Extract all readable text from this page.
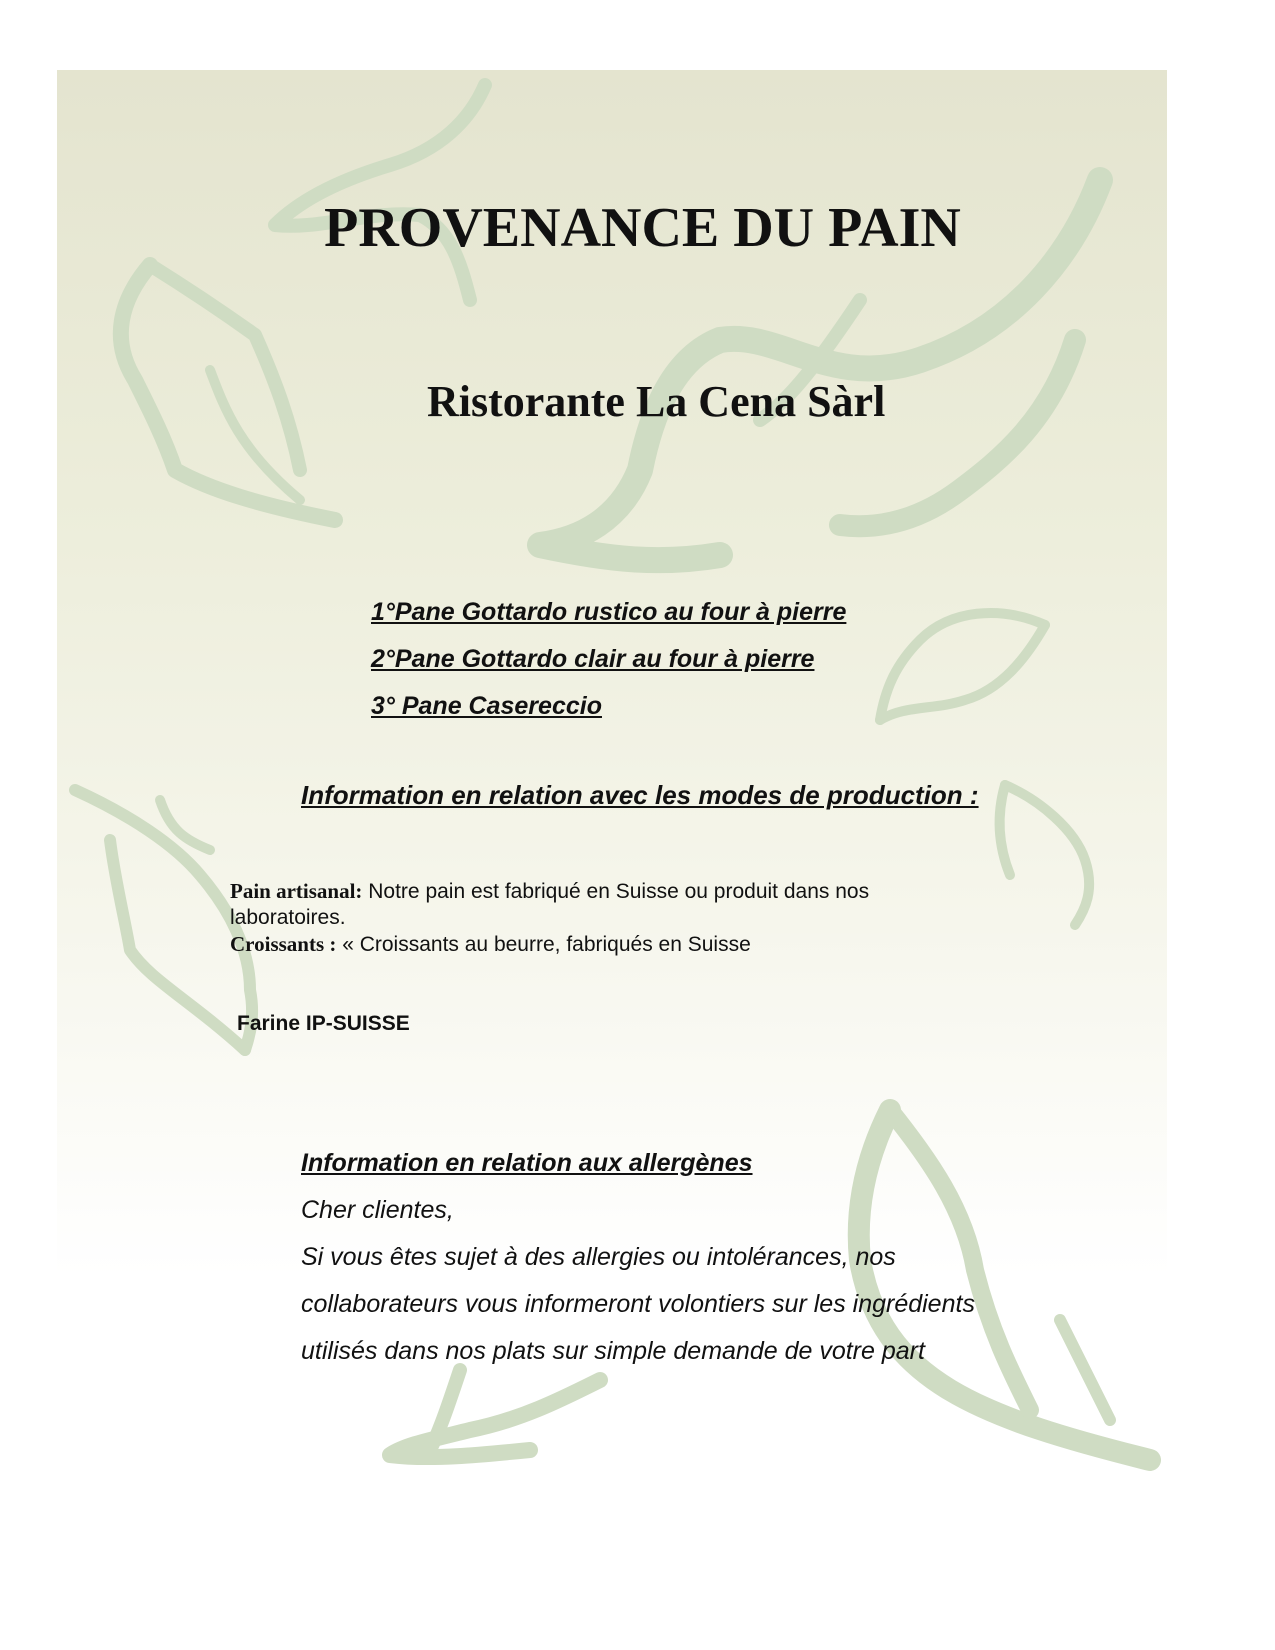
PROVENANCE DU PAIN
Ristorante La Cena Sàrl
1°Pane Gottardo rustico au four à pierre
2°Pane Gottardo clair au four à pierre
3° Pane Casereccio

Information en relation avec les modes de production :

Pain artisanal: Notre pain est fabriqué en Suisse ou produit dans nos laboratoires.

Croissants : « Croissants au beurre, fabriqués en Suisse

Farine IP-SUISSE

Information en relation aux allergènes

Cher clientes,

Si vous êtes sujet à des allergies ou intolérances, nos

collaborateurs vous informeront volontiers sur les ingrédients

utilisés dans nos plats sur simple demande de votre part
